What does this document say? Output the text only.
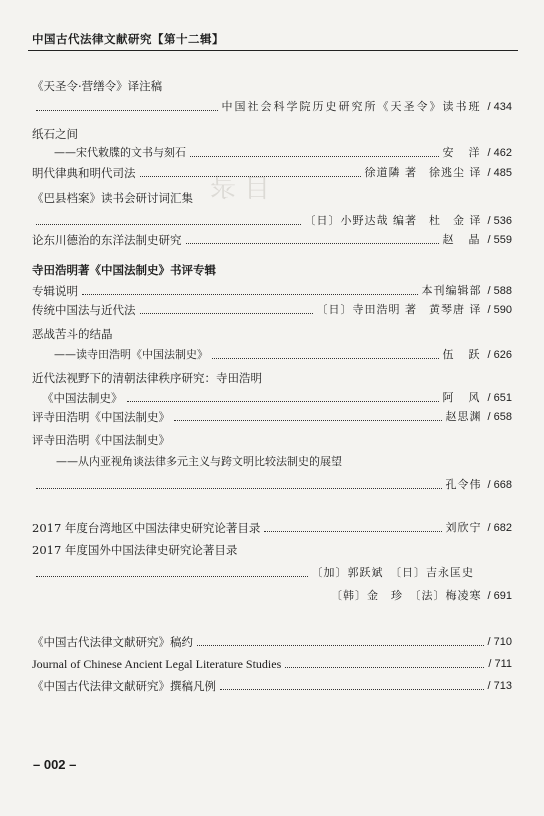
中国古代法律文献研究【第十二辑】
目 录
《天圣令·营缮令》译注稿
中国社会科学院历史研究所《天圣令》读书班 / 434
纸石之间
——宋代敕牒的文书与刻石	安　洋 / 462
明代律典和明代司法	徐道隣 著　徐逃尘 译 / 485
《巴县档案》读书会研讨词汇集
〔日〕小野达哉 编著　杜　金 译 / 536
论东川德治的东洋法制史研究	赵　晶 / 559
寺田浩明著《中国法制史》书评专辑
专辑说明	本刊编辑部 / 588
传统中国法与近代法	〔日〕寺田浩明 著　黄琴唐 译 / 590
恶战苦斗的结晶
——读寺田浩明《中国法制史》	伍　跃 / 626
近代法视野下的清朝法律秩序研究：寺田浩明
《中国法制史》	阿　风 / 651
评寺田浩明《中国法制史》	赵思渊 / 658
评寺田浩明《中国法制史》
——从内亚视角谈法律多元主义与跨文明比较法制史的展望
孔令伟 / 668
2017 年度台湾地区中国法律史研究论著目录	刘欣宁 / 682
2017 年度国外中国法律史研究论著目录
〔加〕郭跃斌　〔日〕吉永匡史
〔韩〕金　珍　〔法〕梅凌寒 / 691
《中国古代法律文献研究》稿约	/ 710
Journal of Chinese Ancient Legal Literature Studies	/ 711
《中国古代法律文献研究》撰稿凡例	/ 713
– 002 –
